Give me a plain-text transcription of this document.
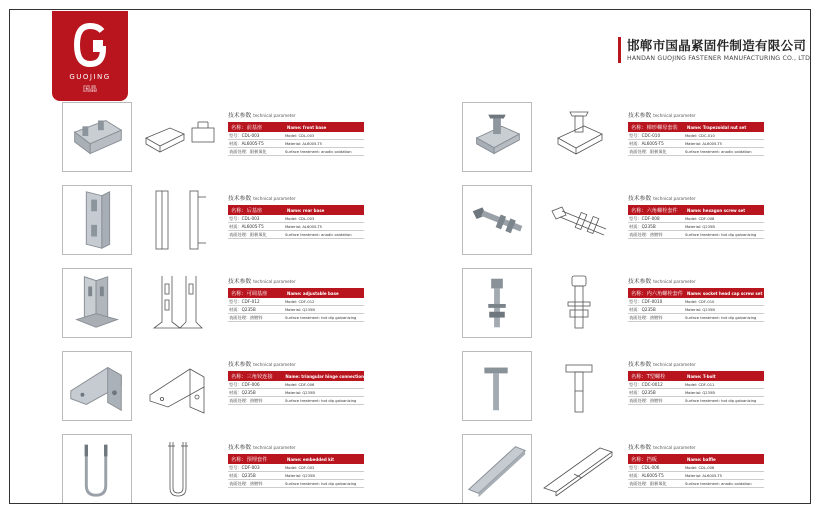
GUOJING
国晶
邯郸市国晶紧固件制造有限公司
HANDAN GUOJING FASTENER MANUFACTURING CO., LTD
技术参数 technical parameter
名称：前基座	Name: front base
型号：CDL-003	Model: CDL-003
材质：AL6005-T5	Material: AL6005-T5
表面处理：阳极氧化	Surface treatment: anodic oxidation
技术参数 technical parameter
名称：后基座	Name: rear base
型号：CDL-003	Model: CDL-003
材质：AL6005-T5	Material: AL6005-T5
表面处理：阳极氧化	Surface treatment: anodic oxidation
技术参数 technical parameter
名称：可调基座	Name: adjustable base
型号：CDF-012	Model: CDF-012
材质：Q235B	Material: Q235B
表面处理：热镀锌	Surface treatment: hot dip galvanizing
技术参数 technical parameter
名称：三角铰连接	Name: triangular hinge connection
型号：CDF-006	Model: CDF-006
材质：Q235B	Material: Q235B
表面处理：热镀锌	Surface treatment: hot dip galvanizing
技术参数 technical parameter
名称：预埋套件	Name: embedded kit
型号：CDF-003	Model: CDF-003
材质：Q235B	Material: Q235B
表面处理：热镀锌	Surface treatment: hot dip galvanizing
技术参数 technical parameter
名称：梯形螺母套装	Name: Trapezoidal nut set
型号：CDC-010	Model: CDC-010
材质：AL6005-T5	Material: AL6005-T5
表面处理：阳极氧化	Surface treatment: anodic oxidation
技术参数 technical parameter
名称：六角螺栓套件	Name: hexagon screw set
型号：CDF-008	Model: CDF-008
材质：Q235B	Material: Q235B
表面处理：热镀锌	Surface treatment: hot dip galvanizing
技术参数 technical parameter
名称：内六角螺栓套件	Name: socket head cap screw set
型号：CDF-0010	Model: CDF-010
材质：Q235B	Material: Q235B
表面处理：热镀锌	Surface treatment: hot dip galvanizing
技术参数 technical parameter
名称：T型螺栓	Name: T-bolt
型号：CDC-0012	Model: CDF-011
材质：Q235B	Material: Q235B
表面处理：热镀锌	Surface treatment: hot dip galvanizing
技术参数 technical parameter
名称：挡板	Name: baffle
型号：CDL-006	Model: CDL-006
材质：AL6005-T5	Material: AL6005-T5
表面处理：阳极氧化	Surface treatment: anodic oxidation
